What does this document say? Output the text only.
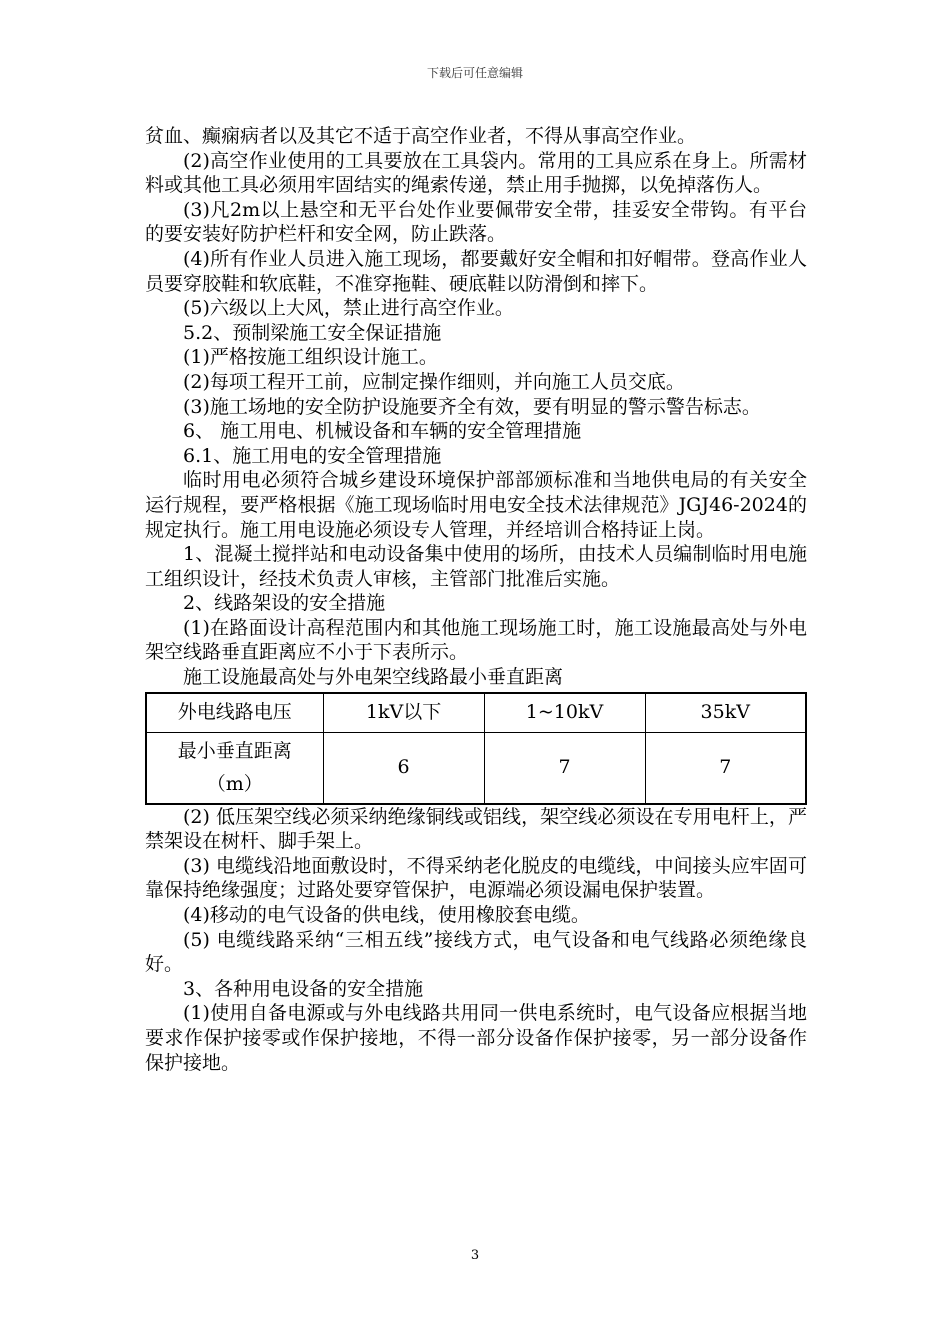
下载后可任意编辑

贫血、癫痫病者以及其它不适于高空作业者，不得从事高空作业。

(2)高空作业使用的工具要放在工具袋内。常用的工具应系在身上。所需材料或其他工具必须用牢固结实的绳索传递，禁止用手抛掷，以免掉落伤人。

(3)凡2m以上悬空和无平台处作业要佩带安全带，挂妥安全带钩。有平台的要安装好防护栏杆和安全网，防止跌落。

(4)所有作业人员进入施工现场，都要戴好安全帽和扣好帽带。登高作业人员要穿胶鞋和软底鞋，不准穿拖鞋、硬底鞋以防滑倒和摔下。

(5)六级以上大风，禁止进行高空作业。

5.2、预制梁施工安全保证措施

(1)严格按施工组织设计施工。

(2)每项工程开工前，应制定操作细则，并向施工人员交底。

(3)施工场地的安全防护设施要齐全有效，要有明显的警示警告标志。

6、 施工用电、机械设备和车辆的安全管理措施

6.1、施工用电的安全管理措施

临时用电必须符合城乡建设环境保护部部颁标准和当地供电局的有关安全运行规程，要严格根据《施工现场临时用电安全技术法律规范》JGJ46-2024的规定执行。施工用电设施必须设专人管理，并经培训合格持证上岗。

1、混凝土搅拌站和电动设备集中使用的场所，由技术人员编制临时用电施工组织设计，经技术负责人审核，主管部门批准后实施。

2、线路架设的安全措施

(1)在路面设计高程范围内和其他施工现场施工时，施工设施最高处与外电架空线路垂直距离应不小于下表所示。

施工设施最高处与外电架空线路最小垂直距离

外电线路电压	1kV以下	1~10kV	35kV

最小垂直距离
（m）	6	7	7

(2) 低压架空线必须采纳绝缘铜线或铝线，架空线必须设在专用电杆上，严禁架设在树杆、脚手架上。

(3) 电缆线沿地面敷设时，不得采纳老化脱皮的电缆线，中间接头应牢固可靠保持绝缘强度；过路处要穿管保护，电源端必须设漏电保护装置。

(4)移动的电气设备的供电线，使用橡胶套电缆。

(5) 电缆线路采纳“三相五线”接线方式，电气设备和电气线路必须绝缘良好。

3、各种用电设备的安全措施

(1)使用自备电源或与外电线路共用同一供电系统时，电气设备应根据当地要求作保护接零或作保护接地，不得一部分设备作保护接零，另一部分设备作保护接地。

3
